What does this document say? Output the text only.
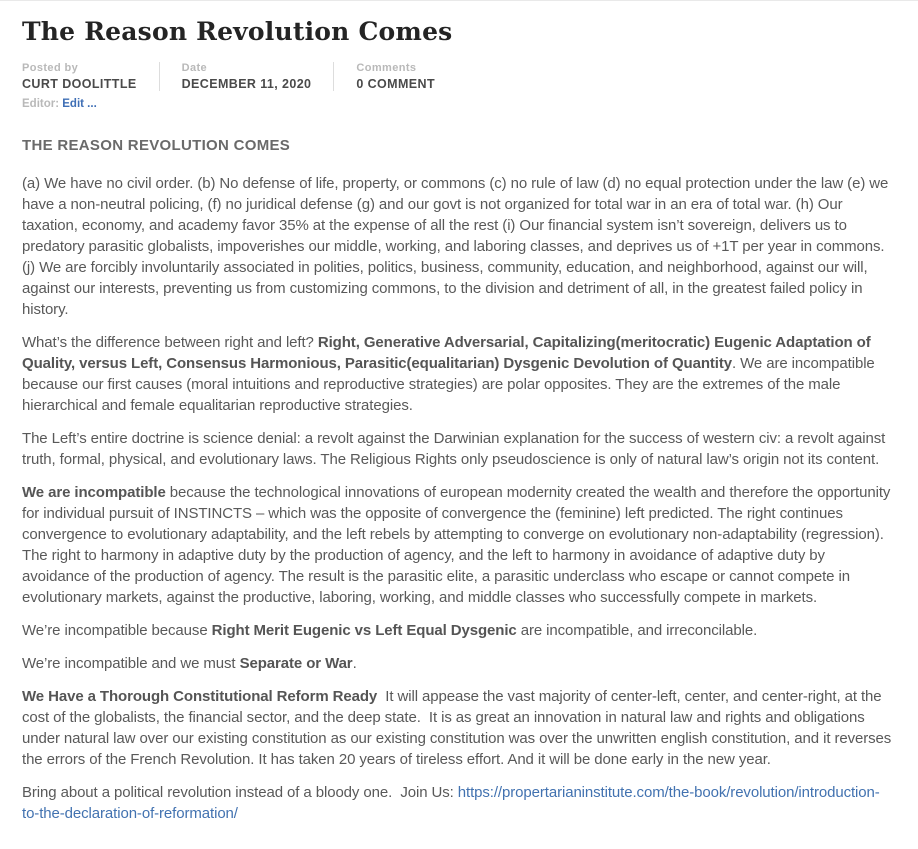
The Reason Revolution Comes
Posted by
CURT DOOLITTLE
Date
DECEMBER 11, 2020
Comments
0 COMMENT
Editor: Edit ...
THE REASON REVOLUTION COMES

(a) We have no civil order. (b) No defense of life, property, or commons (c) no rule of law (d) no equal protection under the law (e) we have a non-neutral policing, (f) no juridical defense (g) and our govt is not organized for total war in an era of total war. (h) Our taxation, economy, and academy favor 35% at the expense of all the rest (i) Our financial system isn’t sovereign, delivers us to predatory parasitic globalists, impoverishes our middle, working, and laboring classes, and deprives us of +1T per year in commons. (j) We are forcibly involuntarily associated in polities, politics, business, community, education, and neighborhood, against our will, against our interests, preventing us from customizing commons, to the division and detriment of all, in the greatest failed policy in history.

What’s the difference between right and left? Right, Generative Adversarial, Capitalizing(meritocratic) Eugenic Adaptation of Quality, versus Left, Consensus Harmonious, Parasitic(equalitarian) Dysgenic Devolution of Quantity. We are incompatible because our first causes (moral intuitions and reproductive strategies) are polar opposites. They are the extremes of the male hierarchical and female equalitarian reproductive strategies.

The Left’s entire doctrine is science denial: a revolt against the Darwinian explanation for the success of western civ: a revolt against truth, formal, physical, and evolutionary laws. The Religious Rights only pseudoscience is only of natural law’s origin not its content.

We are incompatible because the technological innovations of european modernity created the wealth and therefore the opportunity for individual pursuit of INSTINCTS – which was the opposite of convergence the (feminine) left predicted. The right continues convergence to evolutionary adaptability, and the left rebels by attempting to converge on evolutionary non-adaptability (regression). The right to harmony in adaptive duty by the production of agency, and the left to harmony in avoidance of adaptive duty by avoidance of the production of agency. The result is the parasitic elite, a parasitic underclass who escape or cannot compete in evolutionary markets, against the productive, laboring, working, and middle classes who successfully compete in markets.

We’re incompatible because Right Merit Eugenic vs Left Equal Dysgenic are incompatible, and irreconcilable.

We’re incompatible and we must Separate or War.

We Have a Thorough Constitutional Reform Ready  It will appease the vast majority of center-left, center, and center-right, at the cost of the globalists, the financial sector, and the deep state.  It is as great an innovation in natural law and rights and obligations under natural law over our existing constitution as our existing constitution was over the unwritten english constitution, and it reverses the errors of the French Revolution. It has taken 20 years of tireless effort. And it will be done early in the new year.

Bring about a political revolution instead of a bloody one.  Join Us: https://propertarianinstitute.com/the-book/revolution/introduction-to-the-declaration-of-reformation/
